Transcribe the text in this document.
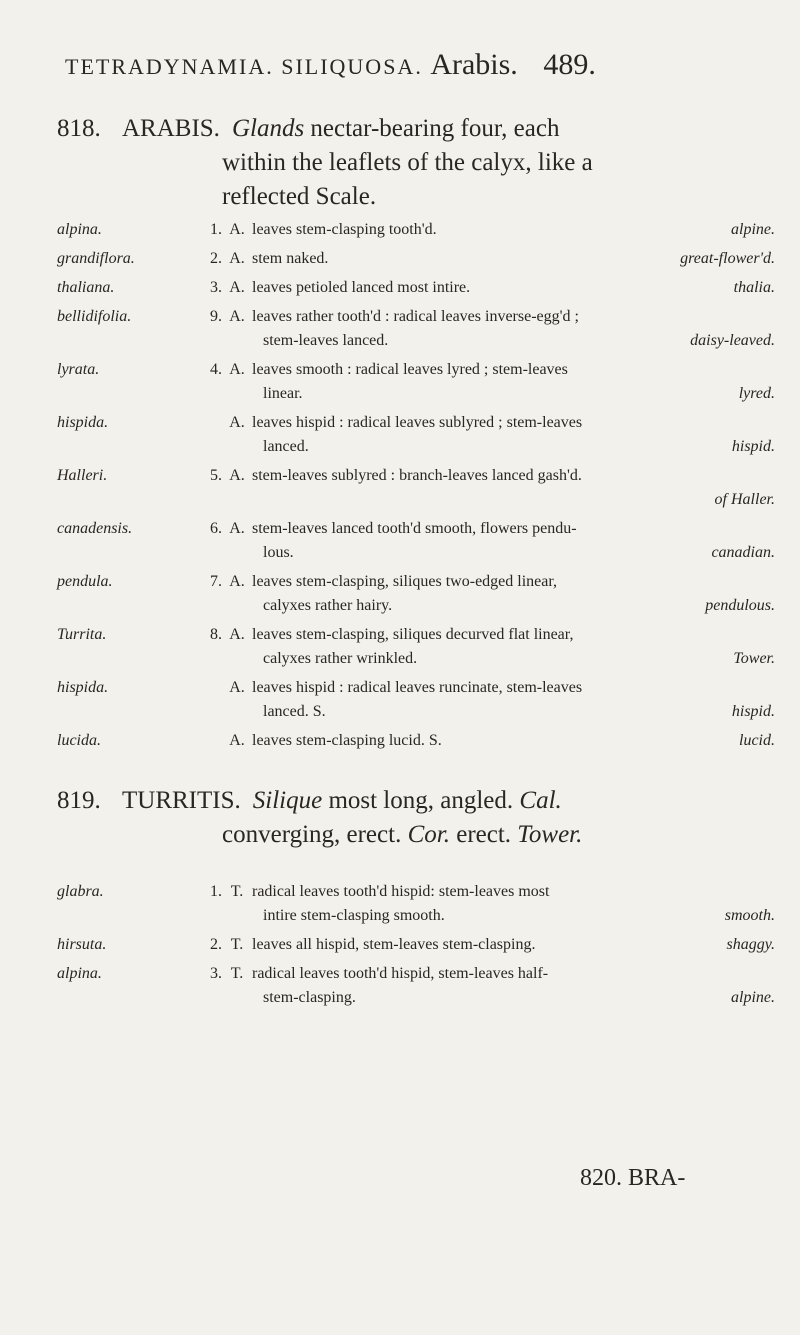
TETRADYNAMIA. SILIQUOSA. Arabis. 489.
818. ARABIS. Glands nectar-bearing four, each
within the leaflets of the calyx, like a
reflected Scale.
alpina.	1. A. leaves stem-clasping tooth'd.	alpine.
grandiflora.	2. A. stem naked.	great-flower'd.
thaliana.	3. A. leaves petioled lanced most intire.	thalia.
bellidifolia.	9. A. leaves rather tooth'd : radical leaves inverse-egg'd ;
stem-leaves lanced.	daisy-leaved.
lyrata.	4. A. leaves smooth : radical leaves lyred ; stem-leaves
linear.	lyred.
hispida.	A. leaves hispid : radical leaves sublyred ; stem-leaves
lanced.	hispid.
Halleri.	5. A. stem-leaves sublyred : branch-leaves lanced gash'd.
of Haller.
canadensis.	6. A. stem-leaves lanced tooth'd smooth, flowers pendu-
lous.	canadian.
pendula.	7. A. leaves stem-clasping, siliques two-edged linear,
calyxes rather hairy.	pendulous.
Turrita.	8. A. leaves stem-clasping, siliques decurved flat linear,
calyxes rather wrinkled.	Tower.
hispida.	A. leaves hispid : radical leaves runcinate, stem-leaves
lanced. S.	hispid.
lucida.	A. leaves stem-clasping lucid. S.	lucid.
819. TURRITIS. Silique most long, angled. Cal.
converging, erect. Cor. erect. Tower.
glabra.	1. T. radical leaves tooth'd hispid: stem-leaves most
intire stem-clasping smooth.	smooth.
hirsuta.	2. T. leaves all hispid, stem-leaves stem-clasping.	shaggy.
alpina.	3. T. radical leaves tooth'd hispid, stem-leaves half-
stem-clasping.	alpine.
820. BRA-
